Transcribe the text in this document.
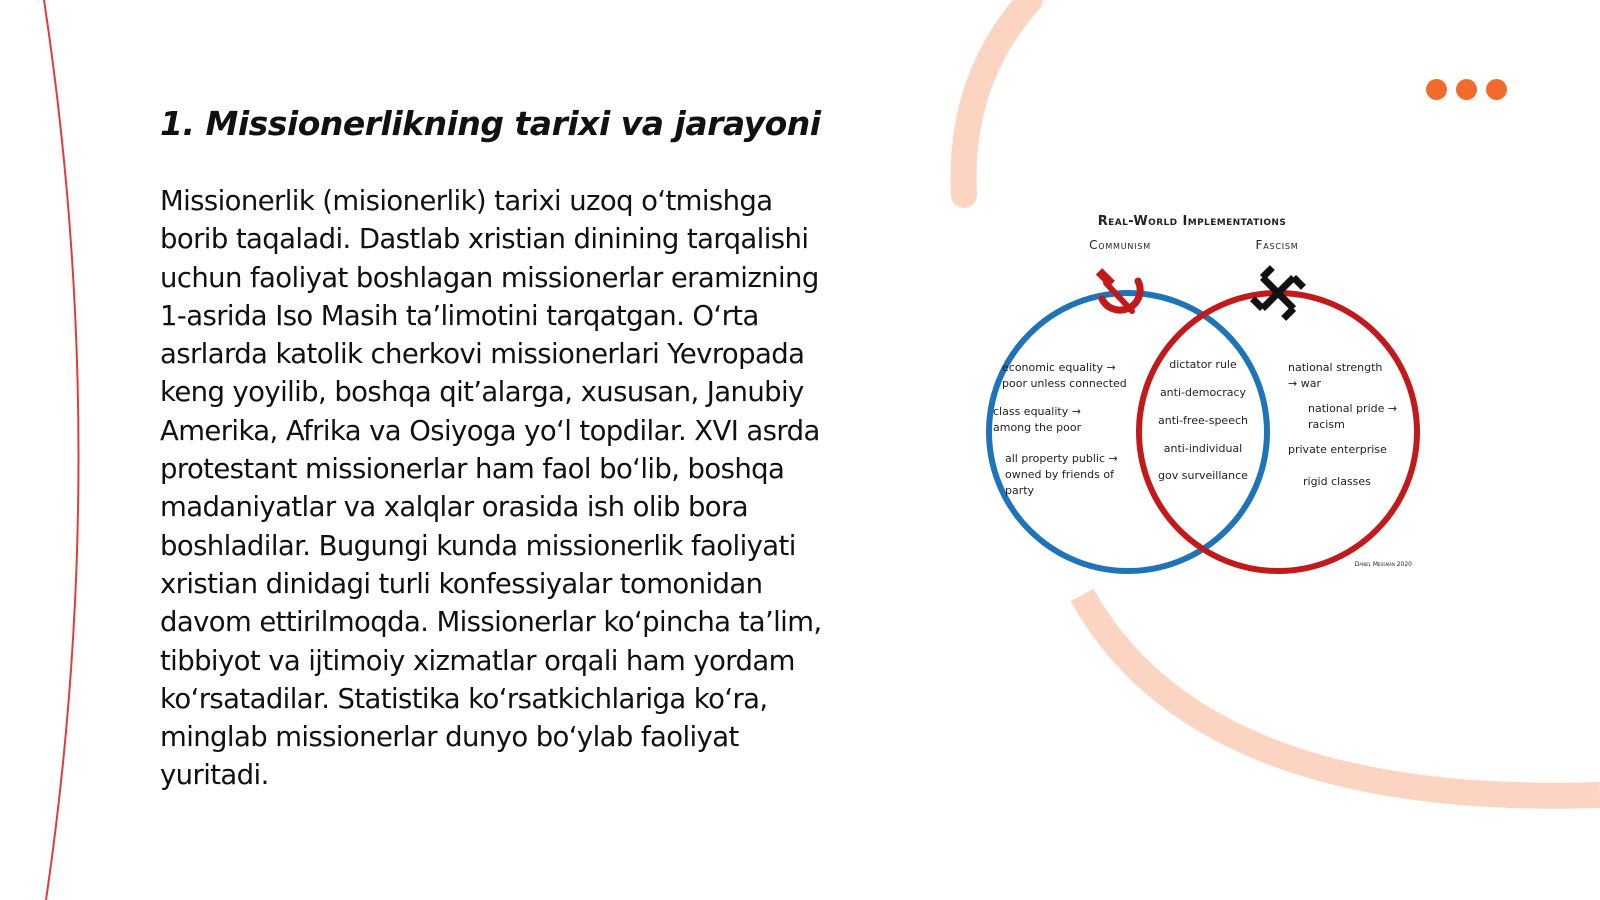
1. Missionerlikning tarixi va jarayoni

Missionerlik (misionerlik) tarixi uzoq o‘tmishga borib taqaladi. Dastlab xristian dinining tarqalishi uchun faoliyat boshlagan missionerlar eramizning 1-asrida Iso Masih ta’limotini tarqatgan. O‘rta asrlarda katolik cherkovi missionerlari Yevropada keng yoyilib, boshqa qit’alarga, xususan, Janubiy Amerika, Afrika va Osiyoga yo‘l topdilar. XVI asrda protestant missionerlar ham faol bo‘lib, boshqa madaniyatlar va xalqlar orasida ish olib bora boshladilar. Bugungi kunda missionerlik faoliyati xristian dinidagi turli konfessiyalar tomonidan davom ettirilmoqda. Missionerlar ko‘pincha ta’lim, tibbiyot va ijtimoiy xizmatlar orqali ham yordam ko‘rsatadilar. Statistika ko‘rsatkichlariga ko‘ra, minglab missionerlar dunyo bo‘ylab faoliyat yuritadi.

Real-World Implementations
Communism	Fascism
economic equality → poor unless connected
class equality → among the poor
all property public → owned by friends of party
dictator rule
anti-democracy
anti-free-speech
anti-individual
gov surveillance
national strength → war
national pride → racism
private enterprise
rigid classes
Daniel Messman 2020
